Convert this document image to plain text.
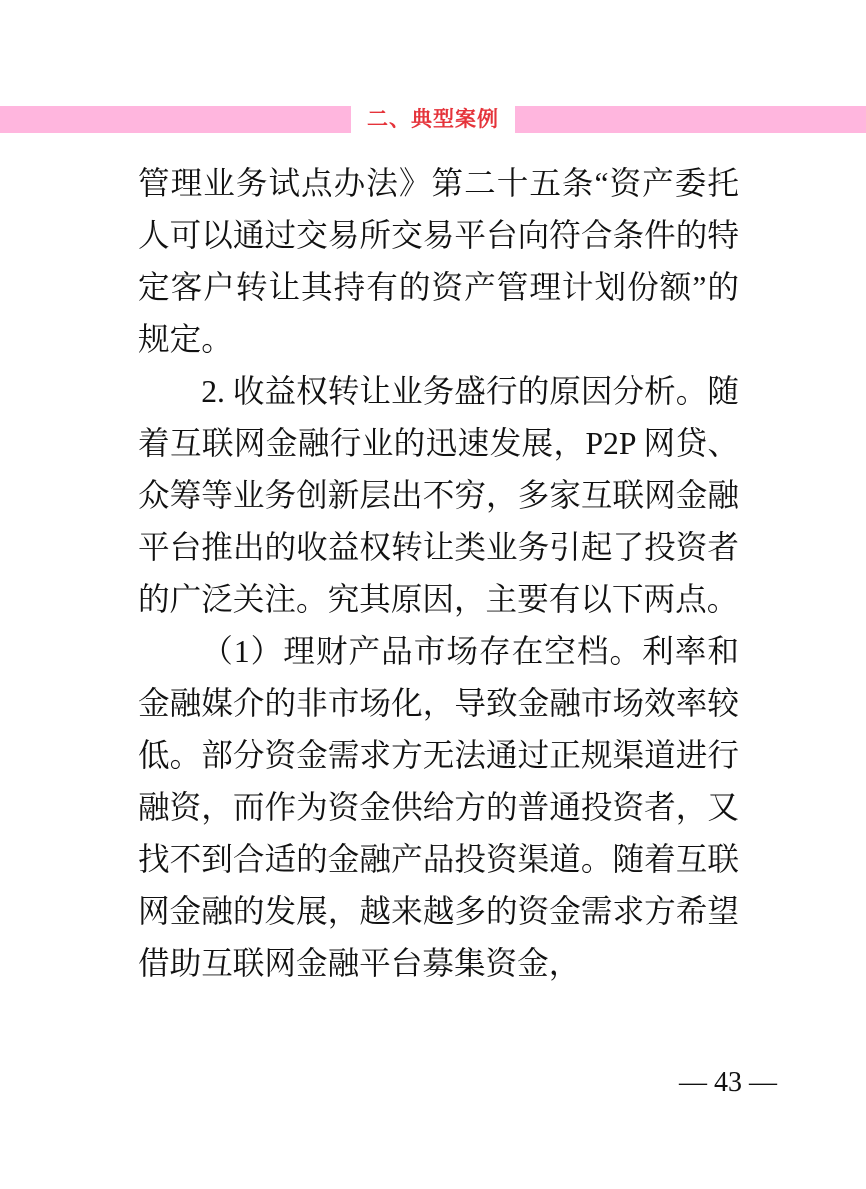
二、典型案例

管理业务试点办法》第二十五条“资产委托人可以通过交易所交易平台向符合条件的特定客户转让其持有的资产管理计划份额”的规定。

2. 收益权转让业务盛行的原因分析。随着互联网金融行业的迅速发展，P2P 网贷、众筹等业务创新层出不穷，多家互联网金融平台推出的收益权转让类业务引起了投资者的广泛关注。究其原因，主要有以下两点。

（1）理财产品市场存在空档。利率和金融媒介的非市场化，导致金融市场效率较低。部分资金需求方无法通过正规渠道进行融资，而作为资金供给方的普通投资者，又找不到合适的金融产品投资渠道。随着互联网金融的发展，越来越多的资金需求方希望借助互联网金融平台募集资金，

— 43 —
